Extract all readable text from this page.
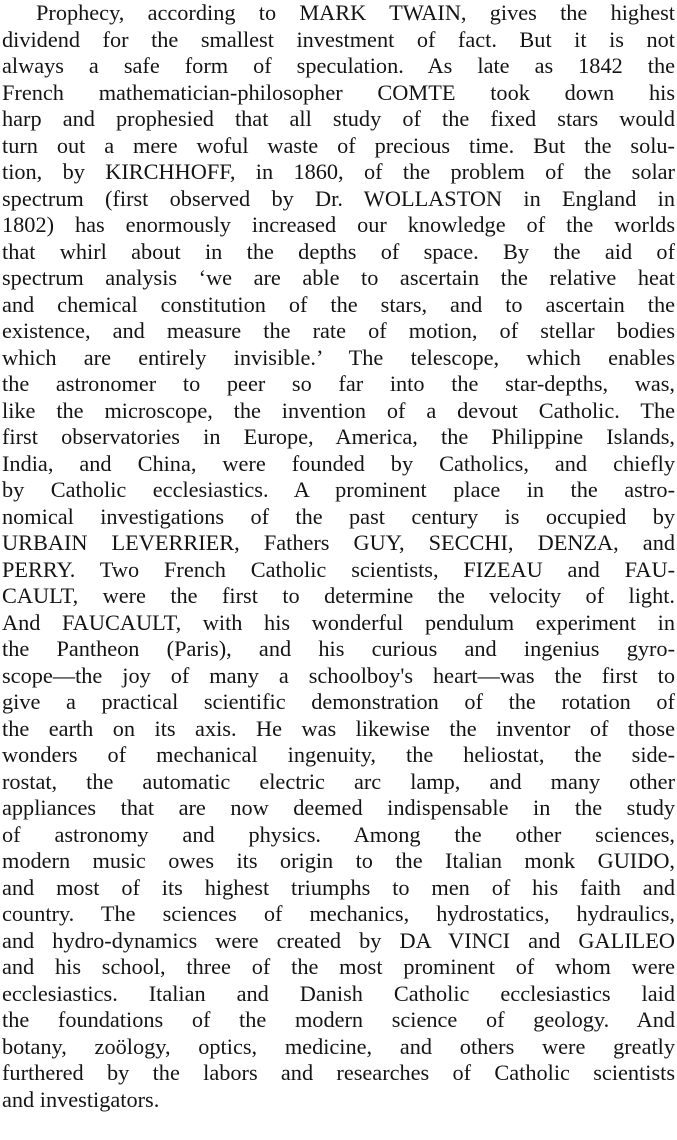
Prophecy, according to MARK TWAIN, gives the highest
dividend for the smallest investment of fact. But it is not
always a safe form of speculation. As late as 1842 the
French mathematician-philosopher COMTE took down his
harp and prophesied that all study of the fixed stars would
turn out a mere woful waste of precious time. But the solu-
tion, by KIRCHHOFF, in 1860, of the problem of the solar
spectrum (first observed by Dr. WOLLASTON in England in
1802) has enormously increased our knowledge of the worlds
that whirl about in the depths of space. By the aid of
spectrum analysis ‘we are able to ascertain the relative heat
and chemical constitution of the stars, and to ascertain the
existence, and measure the rate of motion, of stellar bodies
which are entirely invisible.’ The telescope, which enables
the astronomer to peer so far into the star-depths, was,
like the microscope, the invention of a devout Catholic. The
first observatories in Europe, America, the Philippine Islands,
India, and China, were founded by Catholics, and chiefly
by Catholic ecclesiastics. A prominent place in the astro-
nomical investigations of the past century is occupied by
URBAIN LEVERRIER, Fathers GUY, SECCHI, DENZA, and
PERRY. Two French Catholic scientists, FIZEAU and FAU-
CAULT, were the first to determine the velocity of light.
And FAUCAULT, with his wonderful pendulum experiment in
the Pantheon (Paris), and his curious and ingenius gyro-
scope—the joy of many a schoolboy's heart—was the first to
give a practical scientific demonstration of the rotation of
the earth on its axis. He was likewise the inventor of those
wonders of mechanical ingenuity, the heliostat, the side-
rostat, the automatic electric arc lamp, and many other
appliances that are now deemed indispensable in the study
of astronomy and physics. Among the other sciences,
modern music owes its origin to the Italian monk GUIDO,
and most of its highest triumphs to men of his faith and
country. The sciences of mechanics, hydrostatics, hydraulics,
and hydro-dynamics were created by DA VINCI and GALILEO
and his school, three of the most prominent of whom were
ecclesiastics. Italian and Danish Catholic ecclesiastics laid
the foundations of the modern science of geology. And
botany, zoölogy, optics, medicine, and others were greatly
furthered by the labors and researches of Catholic scientists
and investigators.
